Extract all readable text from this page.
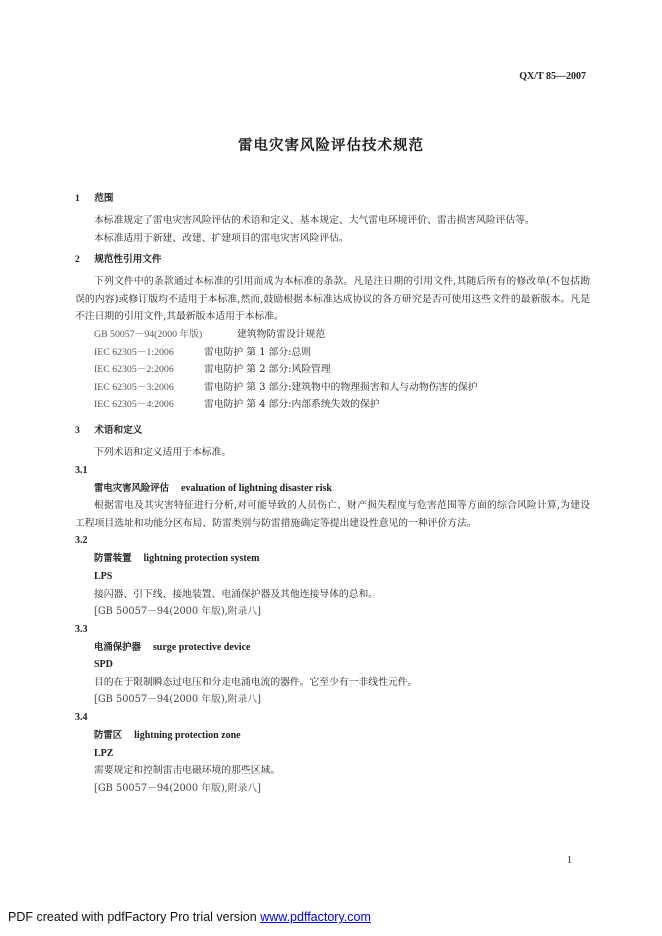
QX/T 85—2007
雷电灾害风险评估技术规范
1 范围

本标准规定了雷电灾害风险评估的术语和定义、基本规定、大气雷电环境评价、雷击损害风险评估等。

本标准适用于新建、改建、扩建项目的雷电灾害风险评估。

2 规范性引用文件

下列文件中的条款通过本标准的引用而成为本标准的条款。凡是注日期的引用文件,其随后所有的修改单(不包括勘误的内容)或修订版均不适用于本标准,然而,鼓励根据本标准达成协议的各方研究是否可使用这些文件的最新版本。凡是不注日期的引用文件,其最新版本适用于本标准。

GB 50057－94(2000 年版)	建筑物防雷设计规范
IEC 62305－1:2006	雷电防护 第 1 部分:总则
IEC 62305－2:2006	雷电防护 第 2 部分:风险管理
IEC 62305－3:2006	雷电防护 第 3 部分:建筑物中的物理损害和人与动物伤害的保护
IEC 62305－4:2006	雷电防护 第 4 部分:内部系统失效的保护
3 术语和定义

下列术语和定义适用于本标准。

3.1
雷电灾害风险评估 evaluation of lightning disaster risk

根据雷电及其灾害特征进行分析,对可能导致的人员伤亡、财产损失程度与危害范围等方面的综合风险计算,为建设工程项目选址和功能分区布局、防雷类别与防雷措施确定等提出建设性意见的一种评价方法。

3.2
防雷装置 lightning protection system
LPS

接闪器、引下线、接地装置、电涌保护器及其他连接导体的总和。

[GB 50057－94(2000 年版),附录八]
3.3
电涌保护器 surge protective device
SPD

目的在于限制瞬态过电压和分走电涌电流的器件。它至少有一非线性元件。

[GB 50057－94(2000 年版),附录八]
3.4
防雷区 lightning protection zone
LPZ

需要规定和控制雷击电磁环境的那些区域。

[GB 50057－94(2000 年版),附录八]
1
PDF created with pdfFactory Pro trial version www.pdffactory.com
